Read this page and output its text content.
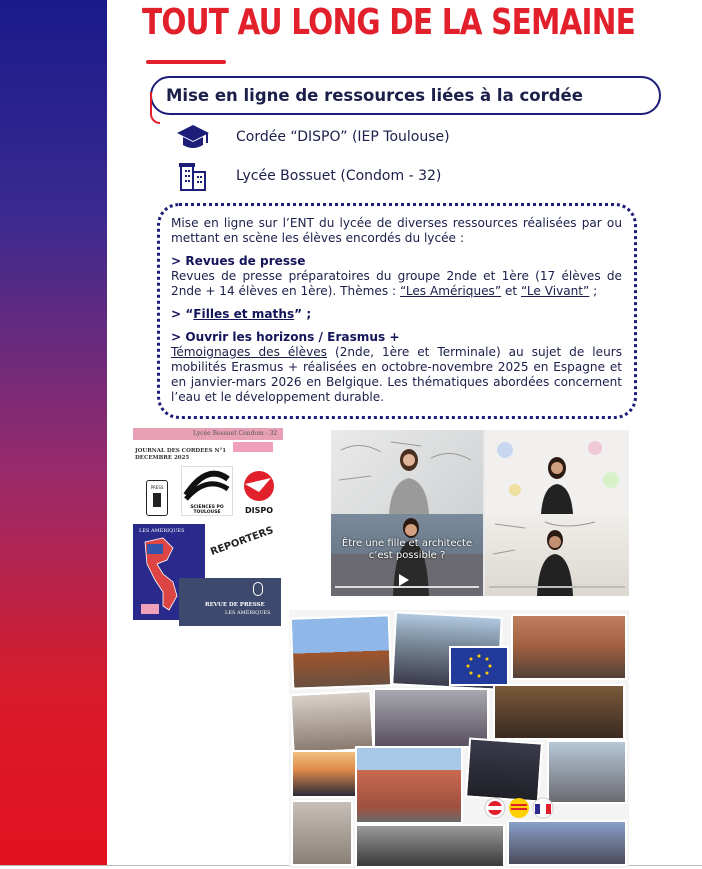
TOUT AU LONG DE LA SEMAINE
Mise en ligne de ressources liées à la cordée
Cordée “DISPO” (IEP Toulouse)
Lycée Bossuet (Condom - 32)

Mise en ligne sur l’ENT du lycée de diverses ressources réalisées par ou mettant en scène les élèves encordés du lycée :

> Revues de presse

Revues de presse préparatoires du groupe 2nde et 1ère (17 élèves de 2nde + 14 élèves en 1ère). Thèmes : “Les Amériques” et “Le Vivant” ;

> “Filles et maths” ;

> Ouvrir les horizons / Erasmus +

Témoignages des élèves (2nde, 1ère et Terminale) au sujet de leurs mobilités Erasmus + réalisées en octobre-novembre 2025 en Espagne et en janvier-mars 2026 en Belgique. Les thématiques abordées concernent l’eau et le développement durable.

Lycée Bossuet Condom - 32
JOURNAL DES CORDEES N°1
DECEMBRE 2025
PRESS
SCIENCES PO TOULOUSE	DISPO
LES AMÉRIQUES	REPORTERS
REVUE DE PRESSE
LES AMÉRIQUES
Être une fille et architecte c’est possible ?
